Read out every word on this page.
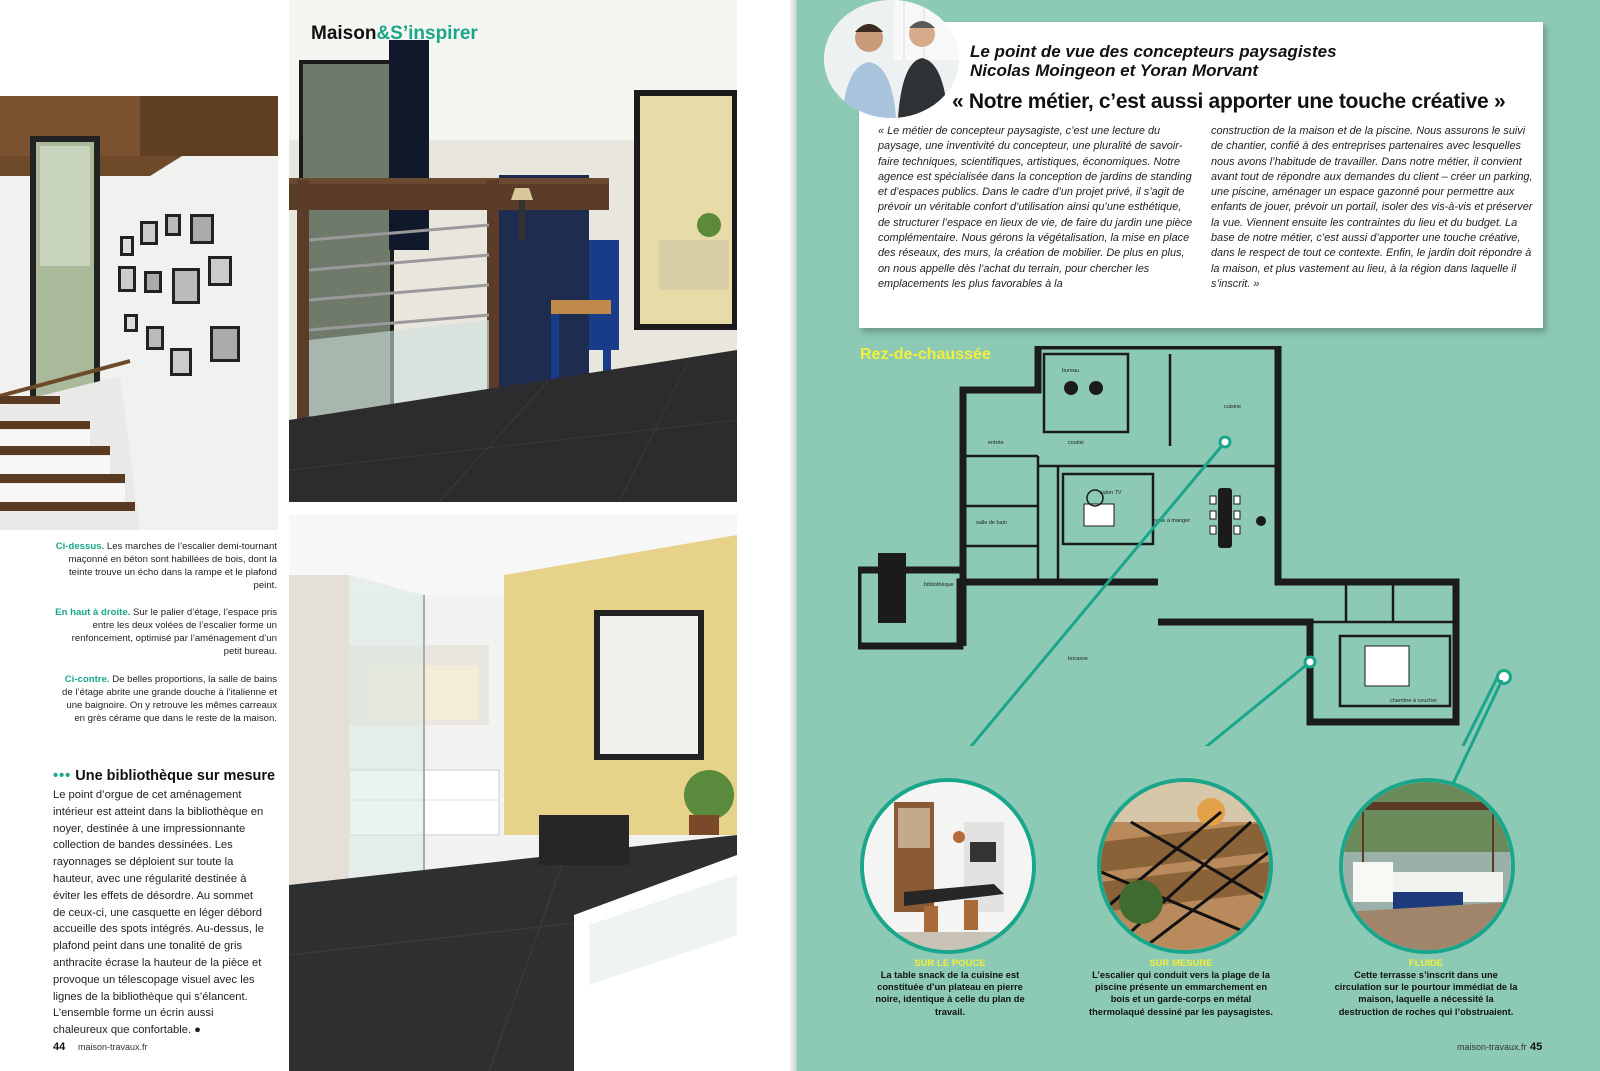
Maison&S’inspirer
Ci-dessus. Les marches de l’escalier demi-tournant maçonné en béton sont habillées de bois, dont la teinte trouve un écho dans la rampe et le plafond peint.
En haut à droite. Sur le palier d’étage, l’espace pris entre les deux volées de l’escalier forme un renfoncement, optimisé par l’aménagement d’un petit bureau.
Ci-contre. De belles proportions, la salle de bains de l’étage abrite une grande douche à l’italienne et une baignoire. On y retrouve les mêmes carreaux en grès cérame que dans le reste de la maison.
••• Une bibliothèque sur mesure
Le point d’orgue de cet aménagement intérieur est atteint dans la bibliothèque en noyer, destinée à une impressionnante collection de bandes dessinées. Les rayonnages se déploient sur toute la hauteur, avec une régularité destinée à éviter les effets de désordre. Au sommet de ceux-ci, une casquette en léger débord accueille des spots intégrés. Au-dessus, le plafond peint dans une tonalité de gris anthracite écrase la hauteur de la pièce et provoque un télescopage visuel avec les lignes de la bibliothèque qui s’élancent. L’ensemble forme un écrin aussi chaleureux que confortable. ●
44 maison-travaux.fr
Le point de vue des concepteurs paysagistes
Nicolas Moingeon et Yoran Morvant
« Notre métier, c’est aussi apporter une touche créative »
« Le métier de concepteur paysagiste, c’est une lecture du paysage, une inventivité du concepteur, une pluralité de savoir-faire techniques, scientifiques, artistiques, économiques. Notre agence est spécialisée dans la conception de jardins de standing et d’espaces publics. Dans le cadre d’un projet privé, il s’agit de prévoir un véritable confort d’utilisation ainsi qu’une esthétique, de structurer l’espace en lieux de vie, de faire du jardin une pièce complémentaire. Nous gérons la végétalisation, la mise en place des réseaux, des murs, la création de mobilier. De plus en plus, on nous appelle dès l’achat du terrain, pour chercher les emplacements les plus favorables à la
construction de la maison et de la piscine. Nous assurons le suivi de chantier, confié à des entreprises partenaires avec lesquelles nous avons l’habitude de travailler. Dans notre métier, il convient avant tout de répondre aux demandes du client – créer un parking, une piscine, aménager un espace gazonné pour permettre aux enfants de jouer, prévoir un portail, isoler des vis-à-vis et préserver la vue. Viennent ensuite les contraintes du lieu et du budget. La base de notre métier, c’est aussi d’apporter une touche créative, dans le respect de tout ce contexte. Enfin, le jardin doit répondre à la maison, et plus vastement au lieu, à la région dans laquelle il s’inscrit. »
Rez-de-chaussée
bureau
cuisine
entrée	couloir
salon TV
salle à manger
salle de bain
bibliothèque
terrasse
chambre à coucher
SUR LE POUCE
La table snack de la cuisine est constituée d’un plateau en pierre noire, identique à celle du plan de travail.
SUR MESURE
L’escalier qui conduit vers la plage de la piscine présente un emmarchement en bois et un garde-corps en métal thermolaqué dessiné par les paysagistes.
FLUIDE
Cette terrasse s’inscrit dans une circulation sur le pourtour immédiat de la maison, laquelle a nécessité la destruction de roches qui l’obstruaient.
maison-travaux.fr 45
